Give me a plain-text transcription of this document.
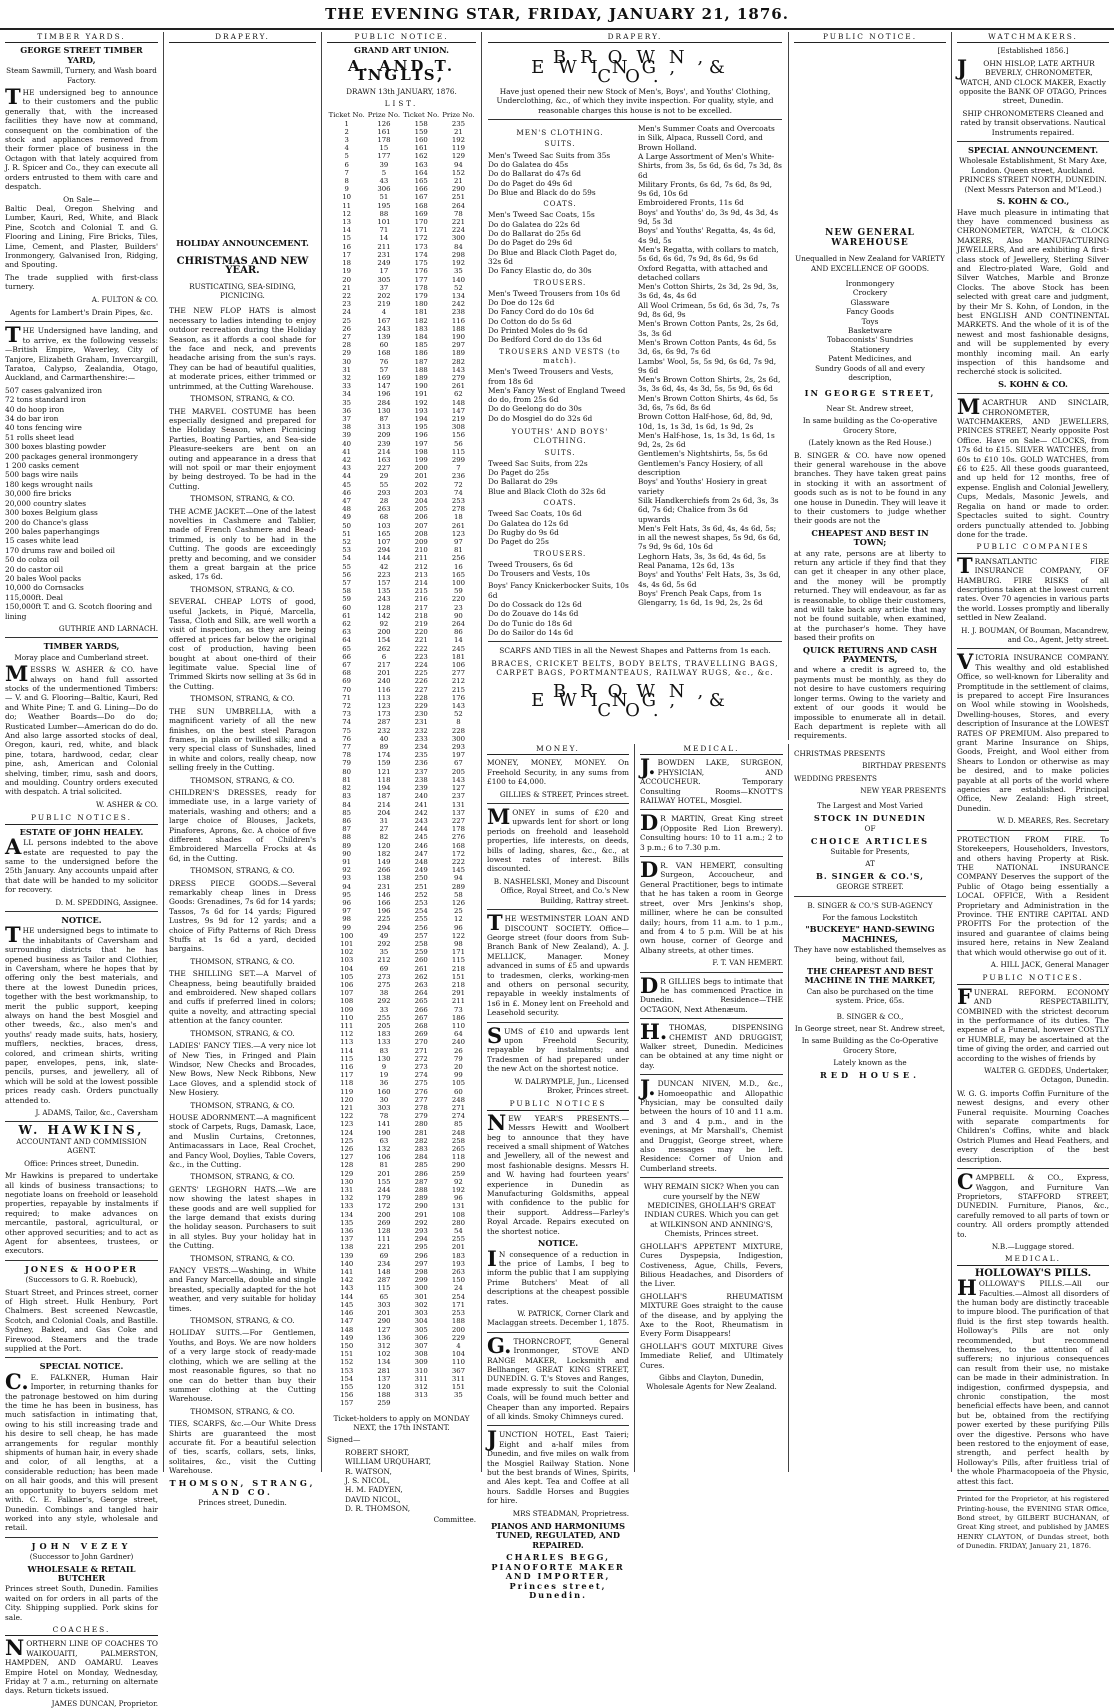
THE EVENING STAR, FRIDAY, JANUARY 21, 1876.
TIMBER YARDS.
GEORGE STREET TIMBER YARD,
Steam Sawmill, Turnery, and Wash board Factory.
THE undersigned beg to announce to their customers and the public generally that, with the increased facilities they have now at command, consequent on the combination of the stock and appliances removed from their former place of business in the Octagon with that lately acquired from J. R. Spicer and Co., they can execute all orders entrusted to them with care and despatch.
On Sale—
Baltic Deal, Oregon Shelving and Lumber, Kauri, Red, White, and Black Pine, Scotch and Colonial T. and G. Flooring and Lining, Fire Bricks, Tiles, Lime, Cement, and Plaster, Builders' Ironmongery, Galvanised Iron, Ridging, and Spouting.
The trade supplied with first-class turnery.
A. FULTON & CO.
Agents for Lambert's Drain Pipes, &c.
THE Undersigned have landing, and to arrive, ex the following vessels:—British Empire, Waverley, City of Tanjore, Elizabeth Graham, Invercargill, Taratoa, Calypso, Zealandia, Otago, Auckland, and Carmarthenshire:—
507 cases galvanized iron
72 tons standard iron
40 do hoop iron
34 do bar iron
40 tons fencing wire
51 rolls sheet lead
300 boxes blasting powder
200 packages general ironmongery
1 200 casks cement
500 bags wire nails
180 kegs wrought nails
30,000 fire bricks
20,000 country slates
300 boxes Belgium glass
200 do Chance's glass
200 bales paperhangings
15 cases white lead
170 drums raw and boiled oil
50 do colza oil
20 do castor oil
20 bales Wool packs
10,000 do Cornsacks
115,000ft. Deal
150,000ft T. and G. Scotch flooring and lining
GUTHRIE AND LARNACH.
TIMBER YARDS,
Moray place and Cumberland street.
MESSRS W. ASHER & CO. have always on hand full assorted stocks of the undermentioned Timbers:— V. and G. Flooring—Baltic, Kauri, Red and White Pine; T. and G. Lining—Do do do; Weather Boards—Do do do; Rusticated Lumber—American do do do. And also large assorted stocks of deal, Oregon, kauri, red, white, and black pine, totara, hardwood, cedar, clear pine, ash, American and Colonial shelving, timber, rimu, sash and doors, and moulding. Country orders executed with despatch. A trial solicited.
W. ASHER & CO.
PUBLIC NOTICES.
ESTATE OF JOHN HEALEY.
ALL persons indebted to the above estate are requested to pay the same to the undersigned before the 25th January. Any accounts unpaid after that date will be handed to my solicitor for recovery.
D. M. SPEDDING, Assignee.
NOTICE.
THE undersigned begs to intimate to the inhabitants of Caversham and surrounding districts that he has opened business as Tailor and Clothier, in Caversham, where he hopes that by offering only the best materials, and there at the lowest Dunedin prices, together with the best workmanship, to merit the public support, keeping always on hand the best Mosgiel and other tweeds, &c., also men's and youths' ready made suits, hats, hosiery, mufflers, neckties, braces, dress, colored, and crimean shirts, writing paper, envelopes, pens, ink, slate-pencils, purses, and jewellery, all of which will be sold at the lowest possible prices ready cash. Orders punctually attended to.
J. ADAMS, Tailor, &c., Caversham
W. HAWKINS,
ACCOUNTANT AND COMMISSION AGENT.
Office: Princes street, Dunedin.
Mr Hawkins is prepared to undertake all kinds of business transactions; to negotiate loans on freehold or leasehold properties, repayable by instalments if required; to make advances on mercantile, pastoral, agricultural, or other approved securities; and to act as Agent for absentees, trustees, or executors.
JONES & HOOPER
(Successors to G. R. Roebuck),
Stuart Street, and Princes street, corner of High street. Hulk Henbury, Port Chalmers. Best screened Newcastle, Scotch, and Colonial Coals, and Bastille. Sydney, Baked, and Gas Coke and Firewood. Steamers and the trade supplied at the Port.
SPECIAL NOTICE.
C.E. FALKNER, Human Hair Importer, in returning thanks for the patronage bestowed on him during the time he has been in business, has much satisfaction in intimating that, owing to his still increasing trade and his desire to sell cheap, he has made arrangements for regular monthly shipments of human hair, in every shade and color, of all lengths, at a considerable reduction; has been made on all hair goods, and this will present an opportunity to buyers seldom met with. C. E. Falkner's, George street, Dunedin. Combings and tangled hair worked into any style, wholesale and retail.
JOHN VEZEY
(Successor to John Gardner)
WHOLESALE & RETAIL BUTCHER
Princes street South, Dunedin. Families waited on for orders in all parts of the City. Shipping supplied. Pork skins for sale.
COACHES.
NORTHERN LINE OF COACHES TO WAIKOUAITI, PALMERSTON, HAMPDEN, AND OAMARU. Leaves Empire Hotel on Monday, Wednesday, Friday at 7 a.m., returning on alternate days. Return tickets issued.
JAMES DUNCAN, Proprietor.
DRAPERY.
HOLIDAY ANNOUNCEMENT.
CHRISTMAS AND NEW YEAR.
RUSTICATING, SEA-SIDING, PICNICING.
THE NEW FLOP HATS is almost necessary to ladies intending to enjoy outdoor recreation during the Holiday Season, as it affords a cool shade for the face and neck, and prevents headache arising from the sun's rays. They can be had of beautiful qualities, at moderate prices, either trimmed or untrimmed, at the Cutting Warehouse.
THOMSON, STRANG, & CO.
THE MARVEL COSTUME has been especially designed and prepared for the Holiday Season, when Picnicing Parties, Boating Parties, and Sea-side Pleasure-seekers are bent on an outing and appearance in a dress that will not spoil or mar their enjoyment by being destroyed. To be had in the Cutting.
THOMSON, STRANG, & CO.
THE ACME JACKET.—One of the latest novelties in Cashmere and Tablier, made of French Cashmere and Bead-trimmed, is only to be had in the Cutting. The goods are exceedingly pretty and becoming, and we consider them a great bargain at the price asked, 17s 6d.
THOMSON, STRANG, & CO.
SEVERAL CHEAP LOTS of good, useful Jackets, in Piqué, Marcella, Tassa, Cloth and Silk, are well worth a visit of inspection, as they are being offered at prices far below the original cost of production, having been bought at about one-third of their legitimate value. Special line of Trimmed Skirts now selling at 3s 6d in the Cutting.
THOMSON, STRANG, & CO.
THE SUN UMBRELLA, with a magnificent variety of all the new finishes, on the best steel Paragon frames, in plain or twilled silk; and a very special class of Sunshades, lined in white and colors, really cheap, now selling freely in the Cutting.
THOMSON, STRANG, & CO.
CHILDREN'S DRESSES, ready for immediate use, in a large variety of materials, washing and others; and a large choice of Blouses, Jackets, Pinafores, Aprons, &c. A choice of five different shades of Children's Embroidered Marcella Frocks at 4s 6d, in the Cutting.
THOMSON, STRANG, & CO.
DRESS PIECE GOODS.—Several remarkably cheap lines in Dress Goods: Grenadines, 7s 6d for 14 yards; Tassos, 7s 6d for 14 yards; Figured Lustres, 9s 9d for 12 yards; and a choice of Fifty Patterns of Rich Dress Stuffs at 1s 6d a yard, decided bargains.
THOMSON, STRANG, & CO.
THE SHILLING SET.—A Marvel of Cheapness, being beautifully braided and embroidered. New shaped collars and cuffs if preferred lined in colors; quite a novelty, and attracting special attention at the fancy counter.
THOMSON, STRANG, & CO.
LADIES' FANCY TIES.—A very nice lot of New Ties, in Fringed and Plain Windsor, New Checks and Brocades, New Bows, New Neck Ribbons, New Lace Gloves, and a splendid stock of New Hosiery.
THOMSON, STRANG, & CO.
HOUSE ADORNMENT.—A magnificent stock of Carpets, Rugs, Damask, Lace, and Muslin Curtains, Cretonnes, Antimacassars in Lace, Real Crochet, and Fancy Wool, Doylies, Table Covers, &c., in the Cutting.
THOMSON, STRANG, & CO.
GENTS' LEGHORN HATS.—We are now showing the latest shapes in these goods and are well supplied for the large demand that exists during the holiday season. Purchasers to suit in all styles. Buy your holiday hat in the Cutting.
THOMSON, STRANG, & CO.
FANCY VESTS.—Washing, in White and Fancy Marcella, double and single breasted, specially adapted for the hot weather, and very suitable for holiday times.
THOMSON, STRANG, & CO.
HOLIDAY SUITS.—For Gentlemen, Youths, and Boys. We are now holders of a very large stock of ready-made clothing, which we are selling at the most reasonable figures, so that no one can do better than buy their summer clothing at the Cutting Warehouse.
THOMSON, STRANG, & CO.
TIES, SCARFS, &c.—Our White Dress Shirts are guaranteed the most accurate fit. For a beautiful selection of ties, scarfs, collars, sets, links, solitaires, &c., visit the Cutting Warehouse.
THOMSON, STRANG, AND CO.
Princes street, Dunedin.
PUBLIC NOTICE.
GRAND ART UNION.
A. AND T. INGLIS,
DRAWN 13th JANUARY, 1876.
LIST.
Ticket No.	Prize No.	Ticket No.	Prize No.
1	126	158	235
2	161	159	21
3	178	160	192
4	15	161	119
5	177	162	129
6	39	163	94
7	5	164	152
8	43	165	21
9	306	166	290
10	51	167	251
11	195	168	264
12	88	169	78
13	101	170	221
14	71	171	224
15	14	172	300
16	211	173	84
17	231	174	298
18	249	175	192
19	17	176	35
20	305	177	140
21	37	178	52
22	202	179	134
23	219	180	242
24	4	181	238
25	167	182	116
26	243	183	188
27	139	184	190
28	60	185	297
29	168	186	189
30	76	187	282
31	57	188	143
32	169	189	279
33	147	190	261
34	196	191	62
35	284	192	148
36	130	193	147
37	87	194	219
38	313	195	308
39	209	196	156
40	239	197	56
41	214	198	115
42	163	199	299
43	227	200	7
44	29	201	236
45	55	202	72
46	293	203	74
47	28	204	253
48	263	205	278
49	68	206	18
50	103	207	261
51	165	208	123
52	107	209	97
53	294	210	81
54	144	211	256
55	42	212	16
56	223	213	165
57	157	214	100
58	135	215	59
59	243	216	220
60	128	217	23
61	142	218	90
62	92	219	264
63	200	220	86
64	154	221	14
65	262	222	245
66	6	223	181
67	217	224	106
68	201	225	277
69	240	226	212
70	116	227	215
71	113	228	176
72	123	229	143
73	173	230	52
74	287	231	8
75	232	232	228
76	40	233	300
77	89	234	293
78	174	235	197
79	159	236	67
80	121	237	205
81	118	238	143
82	194	239	127
83	187	240	237
84	214	241	131
85	204	242	137
86	31	243	227
87	27	244	178
88	82	245	276
89	120	246	168
90	182	247	172
91	149	248	222
92	266	249	145
93	138	250	94
94	231	251	289
95	146	252	58
96	166	253	126
97	196	254	25
98	225	255	12
99	294	256	96
100	49	257	122
101	292	258	98
102	35	259	171
103	212	260	115
104	69	261	218
105	273	262	151
106	275	263	218
107	38	264	291
108	292	265	211
109	33	266	73
110	255	267	186
111	205	268	110
112	183	269	64
113	133	270	240
114	83	271	26
115	130	272	79
116	9	273	20
117	19	274	99
118	36	275	105
119	160	276	60
120	30	277	248
121	303	278	271
122	78	279	274
123	141	280	85
124	190	281	248
125	63	282	258
126	132	283	265
127	106	284	118
128	81	285	290
129	201	286	259
130	155	287	92
131	244	288	192
132	179	289	96
133	172	290	131
134	200	291	108
135	269	292	280
136	128	293	54
137	111	294	255
138	221	295	201
139	69	296	183
140	234	297	193
141	148	298	263
142	287	299	150
143	115	300	24
144	65	301	254
145	303	302	171
146	201	303	253
147	290	304	188
148	127	305	200
149	136	306	229
150	312	307	4
151	102	308	104
152	134	309	110
153	281	310	367
154	137	311	311
155	120	312	151
156	188	313	35
157	259		
Ticket-holders to apply on MONDAY NEXT, the 17th INSTANT.
Signed—
ROBERT SHORT,
WILLIAM URQUHART,
R. WATSON,
J. S. NICOL,
H. M. FADYEN,
DAVID NICOL,
D. R. THOMSON,
Committee.
DRAPERY.
BROWN, EWING, & CO.
Have just opened their new Stock of Men's, Boys', and Youths' Clothing, Underclothing, &c., of which they invite inspection. For quality, style, and reasonable charges this house is not to be excelled.
MEN'S CLOTHING.
SUITS.
Men's Tweed Sac Suits from 35s
Do do Galatea do 45s
Do do Ballarat do 47s 6d
Do do Paget do 49s 6d
Do Blue and Black do do 59s
COATS.
Men's Tweed Sac Coats, 15s
Do do Galatea do 22s 6d
Do do Ballarat do 25s 6d
Do do Paget do 29s 6d
Do Blue and Black Cloth Paget do, 32s 6d
Do Fancy Elastic do, do 30s
TROUSERS.
Men's Tweed Trousers from 10s 6d
Do Doe do 12s 6d
Do Fancy Cord do do 10s 6d
Do Cotton do do 5s 6d
Do Printed Moles do 9s 6d
Do Bedford Cord do do 13s 6d
TROUSERS AND VESTS (to match).
Men's Tweed Trousers and Vests, from 18s 6d
Men's Fancy West of England Tweed do do, from 25s 6d
Do do Geelong do do 30s
Do do Mosgiel do do 32s 6d
YOUTHS' AND BOYS' CLOTHING.
SUITS.
Tweed Sac Suits, from 22s
Do Paget do 25s
Do Ballarat do 29s
Blue and Black Cloth do 32s 6d
COATS.
Tweed Sac Coats, 10s 6d
Do Galatea do 12s 6d
Do Rugby do 9s 6d
Do Paget do 25s
TROUSERS.
Tweed Trousers, 6s 6d
Do Trousers and Vests, 10s
Boys' Fancy Knickerbocker Suits, 10s 6d
Do do Cossack do 12s 6d
Do do Zouave do 14s 6d
Do do Tunic do 18s 6d
Do do Sailor do 14s 6d
Men's Summer Coats and Overcoats in Silk, Alpaca, Russell Cord, and Brown Holland.
A Large Assortment of Men's White-Shirts, from 3s, 5s 6d, 6s 6d, 7s 3d, 8s 6d
Military Fronts, 6s 6d, 7s 6d, 8s 9d, 9s 6d, 10s 6d
Embroidered Fronts, 11s 6d
Boys' and Youths' do, 3s 9d, 4s 3d, 4s 9d, 5s 3d
Boys' and Youths' Regatta, 4s, 4s 6d, 4s 9d, 5s
Men's Regatta, with collars to match, 5s 6d, 6s 6d, 7s 9d, 8s 6d, 9s 6d
Oxford Regatta, with attached and detached collars
Men's Cotton Shirts, 2s 3d, 2s 9d, 3s, 3s 6d, 4s, 4s 6d
All Wool Crimean, 5s 6d, 6s 3d, 7s, 7s 9d, 8s 6d, 9s
Men's Brown Cotton Pants, 2s, 2s 6d, 3s, 3s 6d
Men's Brown Cotton Pants, 4s 6d, 5s 3d, 6s, 6s 9d, 7s 6d
Lambs' Wool, 5s, 5s 9d, 6s 6d, 7s 9d, 9s 6d
Men's Brown Cotton Shirts, 2s, 2s 6d, 3s, 3s 6d, 4s, 4s 3d, 5s, 5s 9d, 6s 6d
Men's Brown Cotton Shirts, 4s 6d, 5s 3d, 6s, 7s 6d, 8s 6d
Brown Cotton Half-hose, 6d, 8d, 9d, 10d, 1s, 1s 3d, 1s 6d, 1s 9d, 2s
Men's Half-hose, 1s, 1s 3d, 1s 6d, 1s 9d, 2s, 2s 6d
Gentlemen's Nightshirts, 5s, 5s 6d
Gentlemen's Fancy Hosiery, of all description
Boys' and Youths' Hosiery in great variety
Silk Handkerchiefs from 2s 6d, 3s, 3s 6d, 7s 6d; Chalice from 3s 6d upwards
Men's Felt Hats, 3s 6d, 4s, 4s 6d, 5s; in all the newest shapes, 5s 9d, 6s 6d, 7s 9d, 9s 6d, 10s 6d
Leghorn Hats, 3s, 3s 6d, 4s 6d, 5s
Real Panama, 12s 6d, 13s
Boys' and Youths' Felt Hats, 3s, 3s 6d, 4s, 4s 6d, 5s 6d
Boys' French Peak Caps, from 1s
Glengarry, 1s 6d, 1s 9d, 2s, 2s 6d
SCARFS AND TIES in all the Newest Shapes and Patterns from 1s each.
BRACES, CRICKET BELTS, BODY BELTS, TRAVELLING BAGS, CARPET BAGS, PORTMANTEAUS, RAILWAY RUGS, &c., &c.
BROWN, EWING, & CO.
MONEY.
MONEY, MONEY, MONEY. On Freehold Security, in any sums from £100 to £4,000.
GILLIES & STREET, Princes street.
MONEY in sums of £20 and upwards lent for short or long periods on freehold and leasehold properties, life interests, on deeds, bills of lading, shares, &c., &c., at lowest rates of interest. Bills discounted.
B. NASHELSKI, Money and Discount Office, Royal Street, and Co.'s New Building, Rattray street.
THE WESTMINSTER LOAN AND DISCOUNT SOCIETY. Office—George street (four doors from Sub-Branch Bank of New Zealand), A. J. MELLICK, Manager. Money advanced in sums of £5 and upwards to tradesmen, clerks, working-men and others on personal security, repayable in weekly instalments of 1s6 in £. Money lent on Freehold and Leasehold security.
SUMS of £10 and upwards lent upon Freehold Security, repayable by instalments; and Tradesmen of had prepared under the new Act on the shortest notice.
W. DALRYMPLE, Jun., Licensed Broker, Princes street.
PUBLIC NOTICES
NEW YEAR'S PRESENTS.—Messrs Hewitt and Woolbert beg to announce that they have received a small shipment of Watches and Jewellery, all of the newest and most fashionable designs. Messrs H. and W. having had fourteen years' experience in Dunedin as Manufacturing Goldsmiths, appeal with confidence to the public for their support. Address—Farley's Royal Arcade. Repairs executed on the shortest notice.
NOTICE.
IN consequence of a reduction in the price of Lambs, I beg to inform the public that I am supplying Prime Butchers' Meat of all descriptions at the cheapest possible rates.
W. PATRICK, Corner Clark and Maclaggan streets. December 1, 1875.
G.THORNCROFT, General Ironmonger, STOVE AND RANGE MAKER, Locksmith and Bellhanger, GREAT KING STREET, DUNEDIN. G. T.'s Stoves and Ranges, made expressly to suit the Colonial Coals, will be found much better and Cheaper than any imported. Repairs of all kinds. Smoky Chimneys cured.
JUNCTION HOTEL, East Taieri; Eight and a-half miles from Dunedin, and five miles on walk from the Mosgiel Railway Station. None but the best brands of Wines, Spirits, and Ales kept. Tea and Coffee at all hours. Saddle Horses and Buggies for hire.
MRS STEADMAN, Proprietress.
PIANOS AND HARMONIUMS TUNED, REGULATED, AND REPAIRED.
CHARLES BEGG, PIANOFORTE MAKER AND IMPORTER, Princes street, Dunedin.
MEDICAL.
J.BOWDEN LAKE, SURGEON, PHYSICIAN, AND ACCOUCHEUR. Temporary Consulting Rooms—KNOTT'S RAILWAY HOTEL, Mosgiel.
DR MARTIN, Great King street (Opposite Red Lion Brewery). Consulting hours: 10 to 11 a.m.; 2 to 3 p.m.; 6 to 7.30 p.m.
DR. VAN HEMERT, consulting Surgeon, Accoucheur, and General Practitioner, begs to intimate that he has taken a room in George street, over Mrs Jenkins's shop, milliner, where he can be consulted daily; hours, from 11 a.m. to 1 p.m., and from 4 to 5 p.m. Will be at his own house, corner of George and Albany streets, at other times.
F. T. VAN HEMERT.
DR GILLIES begs to intimate that he has commenced Practice in Dunedin. Residence—THE OCTAGON, Next Athenæum.
H.THOMAS, DISPENSING CHEMIST AND DRUGGIST, Walker street, Dunedin. Medicines can be obtained at any time night or day.
J.DUNCAN NIVEN, M.D., &c., Homoeopathic and Allopathic Physician, may be consulted daily between the hours of 10 and 11 a.m. and 3 and 4 p.m., and in the evenings, at Mr Marshall's, Chemist and Druggist, George street, where also messages may be left. Residence: Corner of Union and Cumberland streets.
WHY REMAIN SICK? When you can cure yourself by the NEW MEDICINES, GHOLLAH'S GREAT INDIAN CURES. Which you can get at WILKINSON AND ANNING'S, Chemists, Princes street.
GHOLLAH'S APPETENT MIXTURE, Cures Dyspepsia, Indigestion, Costiveness, Ague, Chills, Fevers, Bilious Headaches, and Disorders of the Liver.
GHOLLAH'S RHEUMATISM MIXTURE Goes straight to the cause of the disease, and by applying the Axe to the Root, Rheumatism in Every Form Disappears!
GHOLLAH'S GOUT MIXTURE Gives Immediate Relief, and Ultimately Cures.
Gibbs and Clayton, Dunedin, Wholesale Agents for New Zealand.
PUBLIC NOTICE.
NEW GENERAL WAREHOUSE
Unequalled in New Zealand for VARIETY AND EXCELLENCE OF GOODS.
Ironmongery
Crockery
Glassware
Fancy Goods
Toys
Basketware
Tobacconists' Sundries
Stationery
Patent Medicines, and
Sundry Goods of all and every description,
IN GEORGE STREET,
Near St. Andrew street,
In same building as the Co-operative Grocery Store,
(Lately known as the Red House.)
B. SINGER & CO. have now opened their general warehouse in the above branches. They have taken great pains in stocking it with an assortment of goods such as is not to be found in any one house in Dunedin. They will leave it to their customers to judge whether their goods are not the
CHEAPEST AND BEST IN TOWN;
at any rate, persons are at liberty to return any article if they find that they can get it cheaper in any other place, and the money will be promptly returned. They will endeavour, as far as is reasonable, to oblige their customers, and will take back any article that may not be found suitable, when examined, at the purchaser's home. They have based their profits on
QUICK RETURNS AND CASH PAYMENTS,
and where a credit is agreed to, the payments must be monthly, as they do not desire to have customers requiring longer terms. Owing to the variety and extent of our goods it would be impossible to enumerate all in detail. Each department is replete with all requirements.
CHRISTMAS PRESENTS
BIRTHDAY PRESENTS
WEDDING PRESENTS
NEW YEAR PRESENTS
The Largest and Most Varied
STOCK IN DUNEDIN
OF
CHOICE ARTICLES
Suitable for Presents,
AT
B. SINGER & CO.'S,
GEORGE STREET.
B. SINGER & CO.'S SUB-AGENCY
For the famous Lockstitch
"BUCKEYE" HAND-SEWING MACHINES,
They have now established themselves as being, without fail,
THE CHEAPEST AND BEST MACHINE IN THE MARKET,
Can also be purchased on the time system. Price, 65s.
B. SINGER & CO.,
In George street, near St. Andrew street,
In same Building as the Co-Operative Grocery Store,
Lately known as the
RED HOUSE.
WATCHMAKERS.
[Established 1856.]
JOHN HISLOP, LATE ARTHUR BEVERLY, CHRONOMETER, WATCH, AND CLOCK MAKER, Exactly opposite the BANK OF OTAGO, Princes street, Dunedin.
SHIP CHRONOMETERS Cleaned and rated by transit observations. Nautical Instruments repaired.
SPECIAL ANNOUNCEMENT.
Wholesale Establishment, St Mary Axe, London. Queen street, Auckland. PRINCES STREET NORTH, DUNEDIN. (Next Messrs Paterson and M'Leod.)
S. KOHN & CO.,
Have much pleasure in intimating that they have commenced business as CHRONOMETER, WATCH, & CLOCK MAKERS, Also MANUFACTURING JEWELLERS, And are exhibiting A first-class stock of Jewellery, Sterling Silver and Electro-plated Ware, Gold and Silver Watches, Marble and Bronze Clocks. The above Stock has been selected with great care and judgment, by their Mr S. Kohn, of London, in the best ENGLISH AND CONTINENTAL MARKETS. And the whole of it is of the newest and most fashionable designs, and will be supplemented by every monthly incoming mail. An early inspection of this handsome and recherché stock is solicited.
S. KOHN & CO.
MACARTHUR AND SINCLAIR, CHRONOMETER, WATCHMAKERS, AND JEWELLERS, PRINCES STREET, Nearly opposite Post Office. Have on Sale— CLOCKS, from 17s 6d to £15. SILVER WATCHES, from 60s to £10 10s. GOLD WATCHES, from £6 to £25. All these goods guaranteed, and up held for 12 months, free of expense. English and Colonial Jewellery, Cups, Medals, Masonic Jewels, and Regalia on hand or made to order. Spectacles suited to sight. Country orders punctually attended to. Jobbing done for the trade.
PUBLIC COMPANIES
TRANSATLANTIC FIRE INSURANCE COMPANY, OF HAMBURG. FIRE RISKS of all descriptions taken at the lowest current rates. Over 70 agencies in various parts the world. Losses promptly and liberally settled in New Zealand.
H. J. BOUMAN, Of Bouman, Macandrew, and Co., Agent, Jetty street.
VICTORIA INSURANCE COMPANY. This wealthy and old established Office, so well-known for Liberality and Promptitude in the settlement of claims, is prepared to accept Fire Insurances on Wool while stowing in Woolsheds, Dwelling-houses, Stores, and every description of Insurance at the LOWEST RATES OF PREMIUM. Also prepared to grant Marine Insurance on Ships, Goods, Freight, and Wool either from Shears to London or otherwise as may be desired, and to make policies payable at all ports of the world where agencies are established. Principal Office, New Zealand: High street, Dunedin.
W. D. MEARES, Res. Secretary
PROTECTION FROM FIRE. To Storekeepers, Householders, Investors, and others having Property at Risk. THE NATIONAL INSURANCE COMPANY Deserves the support of the Public of Otago being essentially a LOCAL OFFICE, With a Resident Proprietary and Administration in the Province. THE ENTIRE CAPITAL AND PROFITS For the protection of the insured and guarantee of claims being insured here, retains in New Zealand that which would otherwise go out of it.
A. HILL JACK, General Manager
PUBLIC NOTICES.
FUNERAL REFORM. ECONOMY AND RESPECTABILITY, COMBINED with the strictest decorum in the performance of its duties. The expense of a Funeral, however COSTLY or HUMBLE, may be ascertained at the time of giving the order, and carried out according to the wishes of friends by
WALTER G. GEDDES, Undertaker, Octagon, Dunedin.
W. G. G. imports Coffin Furniture of the newest designs, and every other Funeral requisite. Mourning Coaches with separate compartments for Children's Coffins, white and black Ostrich Plumes and Head Feathers, and every description of the best description.
CAMPBELL & CO., Express, Waggon, and Furniture Van Proprietors, STAFFORD STREET, DUNEDIN. Furniture, Pianos, &c., carefully removed to all parts of town or country. All orders promptly attended to.
N.B.—Luggage stored.
MEDICAL.
HOLLOWAY'S PILLS.
HOLLOWAY'S PILLS.—All our Faculties.—Almost all disorders of the human body are distinctly traceable to impure blood. The purification of that fluid is the first step towards health. Holloway's Pills are not only recommended, but recommend themselves, to the attention of all sufferers; no injurious consequences can result from their use, no mistake can be made in their administration. In indigestion, confirmed dyspepsia, and chronic constipation, the most beneficial effects have been, and cannot but be, obtained from the rectifying power exerted by these purifying Pills over the digestive. Persons who have been restored to the enjoyment of ease, strength, and perfect health by Holloway's Pills, after fruitless trial of the whole Pharmacopoeia of the Physic, attest this fact.
Printed for the Proprietor, at his registered Printing-house, the EVENING STAR Office, Bond street, by GILBERT BUCHANAN, of Great King street, and published by JAMES HENRY CLAYTON, of Dundas street, both of Dunedin. FRIDAY, January 21, 1876.
